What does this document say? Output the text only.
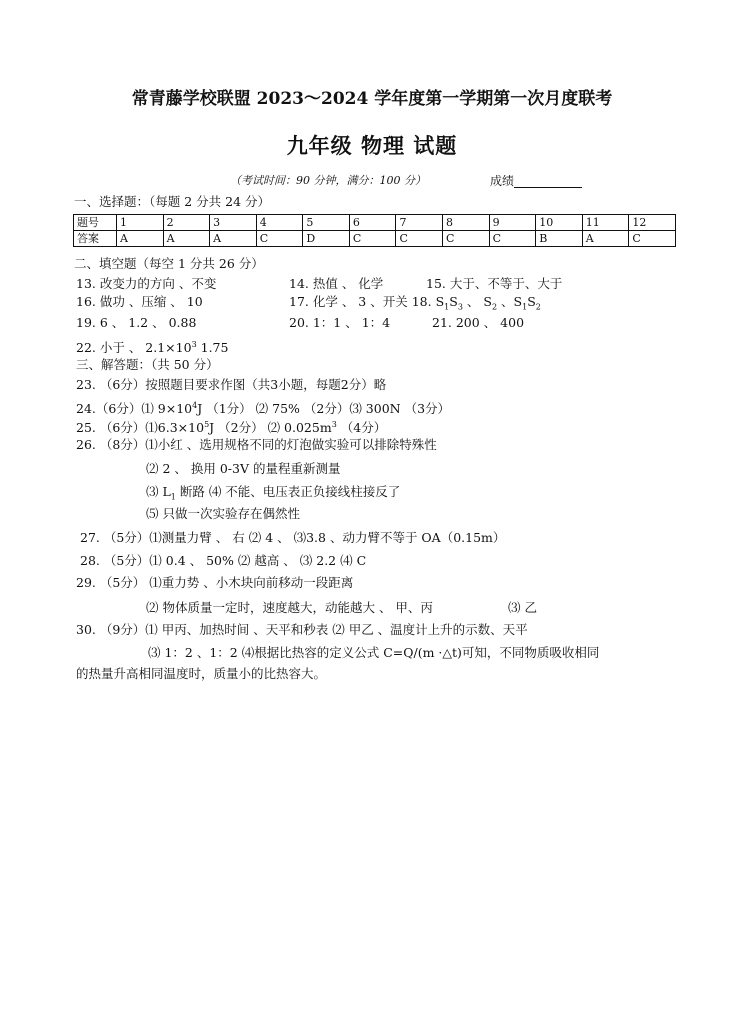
常青藤学校联盟 2023～2024 学年度第一学期第一次月度联考
九年级 物理 试题
（考试时间：90 分钟，满分：100 分）	成绩
一、选择题：（每题 2 分共 24 分）
题号	1	2	3	4	5	6	7	8	9	10	11	12
答案	A	A	A	C	D	C	C	C	C	B	A	C
二、填空题（每空 1 分共 26 分）
13. 改变力的方向 、不变	14. 热值 、 化学	15. 大于、不等于、大于
16. 做功 、压缩 、 10	17. 化学 、 3 、开关 18. $S_1S_3$ 、 $S_2$ 、$S_1S_2$
19. 6 、 1.2 、 0.88	20. 1：1 、 1：4	21. 200 、 400
22. 小于 、 $2.1\times 10^3$ 1.75
三、解答题：（共 50 分）
23. （6分）按照题目要求作图（共3小题，每题2分）略
24.（6分）⑴ $9\times 10^4J$ （1分） ⑵ 75% （2分）⑶ 300N （3分）
25. （6分）$⑴6.3\times 10^5J$ （2分） ⑵ $0.025m^3$ （4分）
26. （8分）⑴小红 、选用规格不同的灯泡做实验可以排除特殊性
⑵ 2 、 换用 0-3V 的量程重新测量
⑶ $L_1$ 断路 ⑷ 不能、电压表正负接线柱接反了
⑸ 只做一次实验存在偶然性
27. （5分）⑴测量力臂 、 右 ⑵ 4 、 ⑶3.8 、动力臂不等于 OA（0.15m）
28. （5分）⑴ 0.4 、 50% ⑵ 越高 、 ⑶ 2.2 ⑷ C
29. （5分） ⑴重力势 、小木块向前移动一段距离
⑵ 物体质量一定时，速度越大，动能越大 、 甲、丙	⑶ 乙
30. （9分）⑴ 甲丙、加热时间 、天平和秒表 ⑵ 甲乙 、温度计上升的示数、天平
⑶ 1：2 、1：2 ⑷根据比热容的定义公式 C=Q/(m ·△t)可知，不同物质吸收相同
的热量升高相同温度时，质量小的比热容大。
